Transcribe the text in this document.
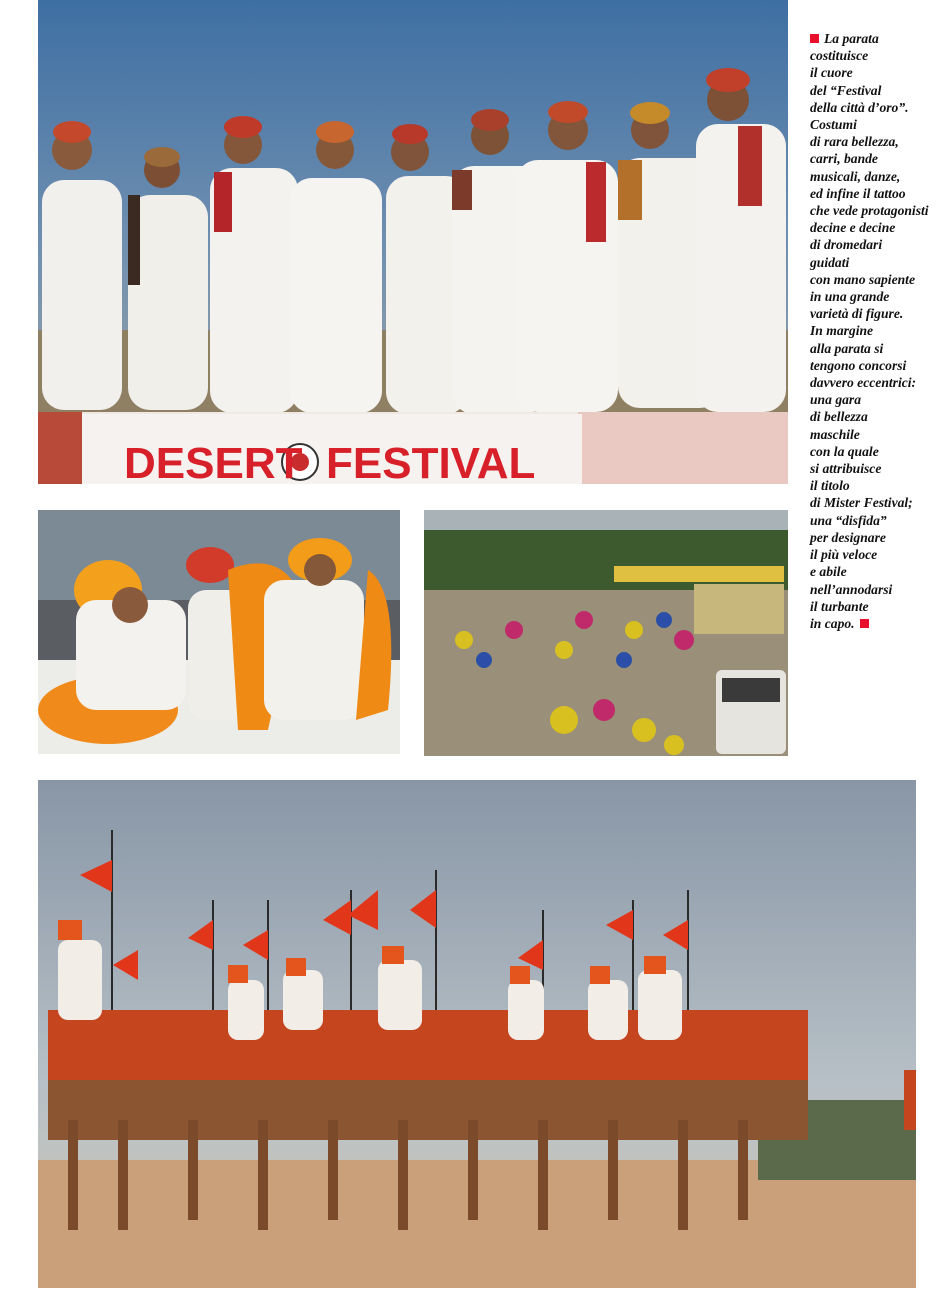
DESERT FESTIVAL
La parata
costituisce
il cuore
del “Festival
della città d’oro”.
Costumi
di rara bellezza,
carri, bande
musicali, danze,
ed infine il tattoo
che vede protagonisti
decine e decine
di dromedari
guidati
con mano sapiente
in una grande
varietà di figure.
In margine
alla parata si
tengono concorsi
davvero eccentrici:
una gara
di bellezza
maschile
con la quale
si attribuisce
il titolo
di Mister Festival;
una “disfida”
per designare
il più veloce
e abile
nell’annodarsi
il turbante
in capo.
